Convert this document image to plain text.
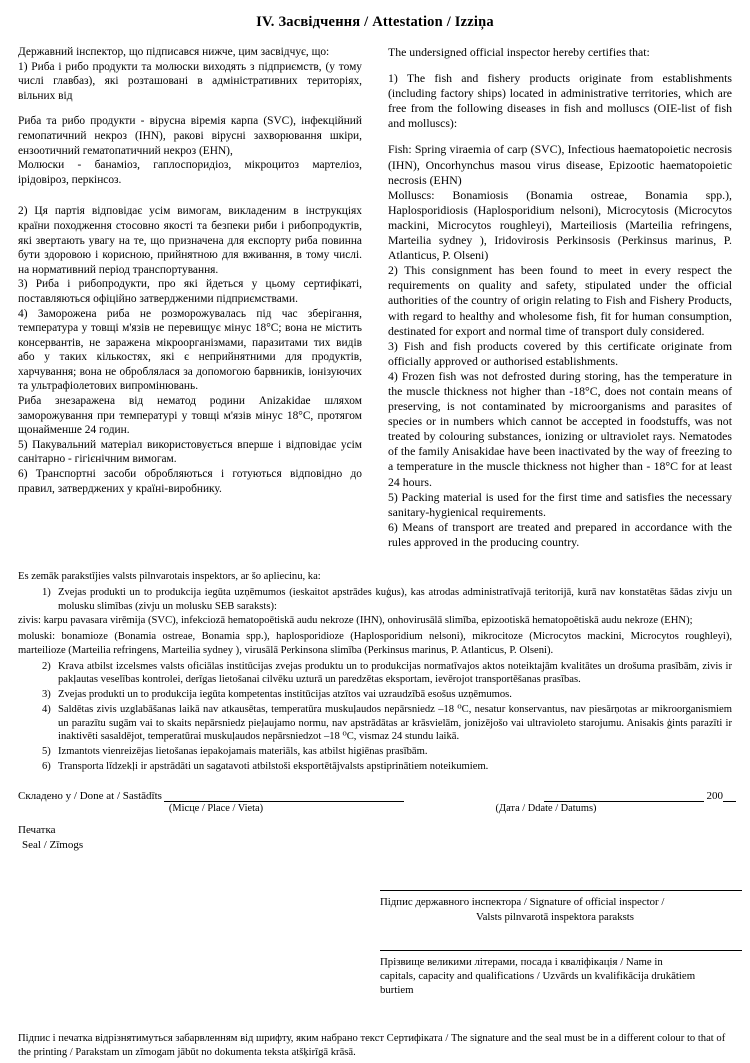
IV. Засвідчення / Attestation / Izziņa

Державний інспектор, що підписався нижче, цим засвідчує, що:

1) Риба і рибо продукти та молюски виходять з підприємств, (у тому числі главбаз), які розташовані в адміністративних територіях, вільних від

Риба та рибо продукти - вірусна віремія карпа (SVC), інфекційний гемопатичний некроз (IHN), ракові вірусні захворювання шкіри, ензоотичний гематопатичний некроз (EHN),

Молюски - банаміоз, гаплоспоридіоз, мікроцитоз мартеліоз, ірідовіроз, перкінсоз.

2) Ця партія відповідає усім вимогам, викладеним в інструкціях країни походження стосовно якості та безпеки риби і рибопродуктів, які звертають увагу на те, що призначена для експорту риба повинна бути здоровою і корисною, прийнятною для вживання, в тому числі. на нормативний період транспортування.

3) Риба і рибопродукти, про які йдеться у цьому сертифікаті, поставляються офіційно затвердженими підприємствами.

4) Заморожена риба не розморожувалась під час зберігання, температура у товщі м'язів не перевищує мінус 18°C; вона не містить консервантів, не заражена мікроорганізмами, паразитами тих видів або у таких кількостях, які є неприйнятними для продуктів, харчування; вона не оброблялася за допомогою барвників, іонізуючих та ультрафіолетових випромінювань.

Риба знезаражена від нематод родини Anizakidae шляхом заморожування при температурі у товщі м'язів мінус 18°C, протягом щонайменше 24 годин.

5) Пакувальний матеріал використовується вперше і відповідає усім санітарно - гігієнічним вимогам.

6) Транспортні засоби обробляються і готуються відповідно до правил, затверджених у країні-виробнику.

The undersigned official inspector hereby certifies that:

1) The fish and fishery products originate from establishments (including factory ships) located in administrative territories, which are free from the following diseases in fish and molluscs (OIE-list of fish and molluscs):

Fish: Spring viraemia of carp (SVC), Infectious haematopoietic necrosis (IHN), Oncorhynchus masou virus disease, Epizootic haematopoietic necrosis (EHN)

Molluscs: Bonamiosis (Bonamia ostreae, Bonamia spp.), Haplosporidiosis (Haplosporidium nelsoni), Microcytosis (Microcytos mackini, Microcytos roughleyi), Marteiliosis (Marteilia refringens, Marteilia sydney ), Iridovirosis Perkinsosis (Perkinsus marinus, P. Atlanticus, P. Olseni)

2) This consignment has been found to meet in every respect the requirements on quality and safety, stipulated under the official authorities of the country of origin relating to Fish and Fishery Products, with regard to healthy and wholesome fish, fit for human consumption, destinated for export and normal time of transport duly considered.

3) Fish and fish products covered by this certificate originate from officially approved or authorised establishments.

4) Frozen fish was not defrosted during storing, has the temperature in the muscle thickness not higher than -18°C, does not contain means of preserving, is not contaminated by microorganisms and parasites of species or in numbers which cannot be accepted in foodstuffs, was not treated by colouring substances, ionizing or ultraviolet rays. Nematodes of the family Anisakidae have been inactivated by the way of freezing to a temperature in the muscle thickness not higher than - 18°C for at least 24 hours.

5) Packing material is used for the first time and satisfies the necessary sanitary-hygienical requirements.

6) Means of transport are treated and prepared in accordance with the rules approved in the producing country.

Es zemāk parakstījies valsts pilnvarotais inspektors, ar šo apliecinu, ka:
1) Zvejas produkti un to produkcija iegūta uzņēmumos (ieskaitot apstrādes kuģus), kas atrodas administratīvajā teritorijā, kurā nav konstatētas šādas zivju un molusku slimības (zivju un molusku SEB saraksts):
zivis: karpu pavasara virēmija (SVC), infekciozā hematopoētiskā audu nekroze (IHN), onhovirusālā slimība, epizootiskā hematopoētiskā audu nekroze (EHN);
moluski: bonamioze (Bonamia ostreae, Bonamia spp.), haplosporidioze (Haplosporidium nelsoni), mikrocitoze (Microcytos mackini, Microcytos roughleyi), marteilioze (Marteilia refringens, Marteilia sydney ), virusālā Perkinsona slimība (Perkinsus marinus, P. Atlanticus, P. Olseni).
2) Krava atbilst izcelsmes valsts oficiālas institūcijas zvejas produktu un to produkcijas normatīvajos aktos noteiktajām kvalitātes un drošuma prasībām, zivis ir pakļautas veselības kontrolei, derīgas lietošanai cilvēku uzturā un paredzētas eksportam, ievērojot transportēšanas prasības.
3) Zvejas produkti un to produkcija iegūta kompetentas institūcijas atzītos vai uzraudzībā esošus uzņēmumos.
4) Saldētas zivis uzglabāšanas laikā nav atkausētas, temperatūra muskuļaudos nepārsniedz –18 ⁰C, nesatur konservantus, nav piesārņotas ar mikroorganismiem un parazītu sugām vai to skaits nepārsniedz pieļaujamo normu, nav apstrādātas ar krāsvielām, jonizējošo vai ultravioleto starojumu. Anisakis ģints parazīti ir inaktivēti sasaldējot, temperatūrai muskuļaudos nepārsniedzot –18 ⁰C, vismaz 24 stundu laikā.
5) Izmantots vienreizējas lietošanas iepakojamais materiāls, kas atbilst higiēnas prasībām.
6) Transporta līdzekļi ir apstrādāti un sagatavoti atbilstoši eksportētājvalsts apstiprinātiem noteikumiem.
Складено у / Done at / Sastādīts	200
(Місце / Place / Vieta)	(Дата / Ddate / Datums)
Печатка
Seal / Zīmogs
Підпис державного інспектора / Signature of official inspector /
Valsts pilnvarotā inspektora paraksts
Прізвище великими літерами, посада і кваліфікація / Name in
capitals, capacity and qualifications / Uzvārds un kvalifikācija drukātiem
burtiem
Підпис і печатка відрізнятимуться забарвленням від шрифту, яким набрано текст Сертифіката / The signature and the seal must be in a different colour to that of the printing / Parakstam un zīmogam jābūt no dokumenta teksta atšķirīgā krāsā.
